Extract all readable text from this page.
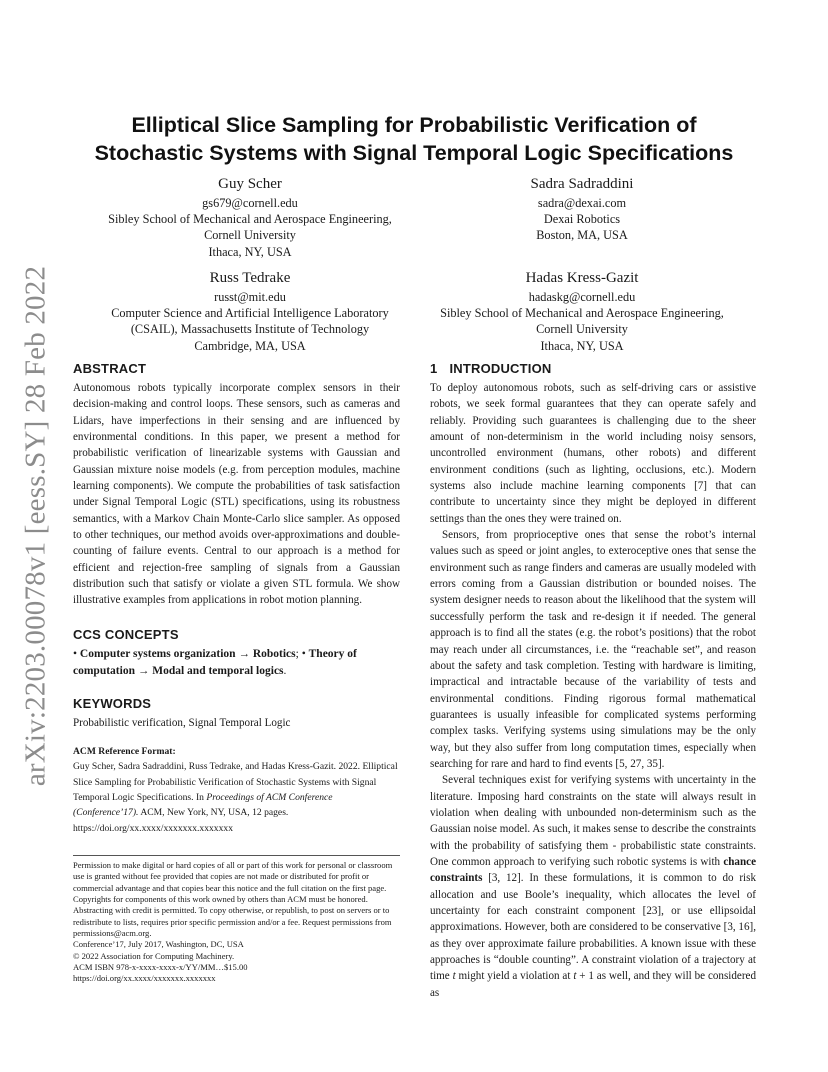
arXiv:2203.00078v1 [eess.SY] 28 Feb 2022
Elliptical Slice Sampling for Probabilistic Verification of
Stochastic Systems with Signal Temporal Logic Specifications
Guy Scher
gs679@cornell.edu
Sibley School of Mechanical and Aerospace Engineering,
Cornell University
Ithaca, NY, USA
Sadra Sadraddini
sadra@dexai.com
Dexai Robotics
Boston, MA, USA
Russ Tedrake
russt@mit.edu
Computer Science and Artificial Intelligence Laboratory
(CSAIL), Massachusetts Institute of Technology
Cambridge, MA, USA
Hadas Kress-Gazit
hadaskg@cornell.edu
Sibley School of Mechanical and Aerospace Engineering,
Cornell University
Ithaca, NY, USA
ABSTRACT

Autonomous robots typically incorporate complex sensors in their decision-making and control loops. These sensors, such as cameras and Lidars, have imperfections in their sensing and are influenced by environmental conditions. In this paper, we present a method for probabilistic verification of linearizable systems with Gaussian and Gaussian mixture noise models (e.g. from perception modules, machine learning components). We compute the probabilities of task satisfaction under Signal Temporal Logic (STL) specifications, using its robustness semantics, with a Markov Chain Monte-Carlo slice sampler. As opposed to other techniques, our method avoids over-approximations and double-counting of failure events. Central to our approach is a method for efficient and rejection-free sampling of signals from a Gaussian distribution such that satisfy or violate a given STL formula. We show illustrative examples from applications in robot motion planning.

CCS CONCEPTS

• Computer systems organization → Robotics; • Theory of computation → Modal and temporal logics.

KEYWORDS

Probabilistic verification, Signal Temporal Logic

ACM Reference Format:

Guy Scher, Sadra Sadraddini, Russ Tedrake, and Hadas Kress-Gazit. 2022. Elliptical Slice Sampling for Probabilistic Verification of Stochastic Systems with Signal Temporal Logic Specifications. In Proceedings of ACM Conference (Conference’17). ACM, New York, NY, USA, 12 pages. https://doi.org/xx.xxxx/xxxxxxx.xxxxxxx

Permission to make digital or hard copies of all or part of this work for personal or classroom use is granted without fee provided that copies are not made or distributed for profit or commercial advantage and that copies bear this notice and the full citation on the first page. Copyrights for components of this work owned by others than ACM must be honored. Abstracting with credit is permitted. To copy otherwise, or republish, to post on servers or to redistribute to lists, requires prior specific permission and/or a fee. Request permissions from permissions@acm.org.

Conference’17, July 2017, Washington, DC, USA

© 2022 Association for Computing Machinery.

ACM ISBN 978-x-xxxx-xxxx-x/YY/MM…$15.00

https://doi.org/xx.xxxx/xxxxxxx.xxxxxxx

1 INTRODUCTION

To deploy autonomous robots, such as self-driving cars or assistive robots, we seek formal guarantees that they can operate safely and reliably. Providing such guarantees is challenging due to the sheer amount of non-determinism in the world including noisy sensors, uncontrolled environment (humans, other robots) and different environment conditions (such as lighting, occlusions, etc.). Modern systems also include machine learning components [7] that can contribute to uncertainty since they might be deployed in different settings than the ones they were trained on.

Sensors, from proprioceptive ones that sense the robot’s internal values such as speed or joint angles, to exteroceptive ones that sense the environment such as range finders and cameras are usually modeled with errors coming from a Gaussian distribution or bounded noises. The system designer needs to reason about the likelihood that the system will successfully perform the task and re-design it if needed. The general approach is to find all the states (e.g. the robot’s positions) that the robot may reach under all circumstances, i.e. the “reachable set”, and reason about the safety and task completion. Testing with hardware is limiting, impractical and intractable because of the variability of tests and environmental conditions. Finding rigorous formal mathematical guarantees is usually infeasible for complicated systems performing complex tasks. Verifying systems using simulations may be the only way, but they also suffer from long computation times, especially when searching for rare and hard to find events [5, 27, 35].

Several techniques exist for verifying systems with uncertainty in the literature. Imposing hard constraints on the state will always result in violation when dealing with unbounded non-determinism such as the Gaussian noise model. As such, it makes sense to describe the constraints with the probability of satisfying them - probabilistic state constraints. One common approach to verifying such robotic systems is with chance constraints [3, 12]. In these formulations, it is common to do risk allocation and use Boole’s inequality, which allocates the level of uncertainty for each constraint component [23], or use ellipsoidal approximations. However, both are considered to be conservative [3, 16], as they over approximate failure probabilities. A known issue with these approaches is “double counting”. A constraint violation of a trajectory at time t might yield a violation at t + 1 as well, and they will be considered as
